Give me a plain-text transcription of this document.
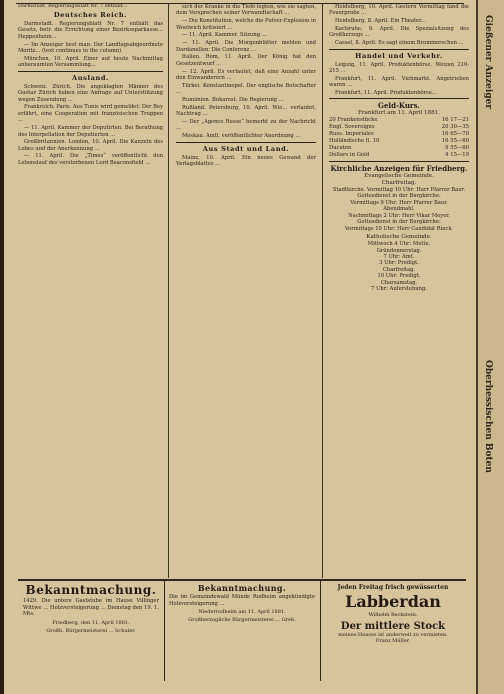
Darmstadt. Regierungsblatt Nr. 7 enthält...
Deutsches Reich.

Darmstadt. Regierungsblatt Nr. 7 enthält das Gesetz, betr. die Errichtung einer Bezirkssparkasse... Heppenheim...

— Im Anzeiger liest man: Der Landtagsabgeordnete Moritz... (text continues in the column)

München, 10. April. Einer auf heute Nachmittag anberaumten Versammlung...

Ausland.

Schweiz. Zürich. Die angeklagten Männer des Gustav Zürich haben eine Anfrage auf Unterstützung wegen Zusendung ...

Frankreich. Paris. Aus Tunis wird gemeldet: Der Bey erfährt, eine Cooperation mit französischen Truppen ...

— 11. April. Kammer der Deputirten. Bei Berathung des Interpellation der Deputierten ...

Großbritannien. London, 10. April. Die Kanzeln des Lobes und der Anerkennung ...

— 11. April. Die „Times“ veröffentlicht den Lebenslauf des verstorbenen Lord Beaconsfield ...

sich der Kranke in die Tiefe legten, wie sie sagten, dem Versprechen seiner Verwandtschaft ...

— Die Konstitution, welche die Pulver-Explosion in Woolwich kritisiert ...

— 11. April. Kammer. Sitzung ...

— 11. April. Die Morgenblätter melden und Dardanellen: Die Conferenz ...

Italien. Rom, 11. April. Der König hat den Gesetzentwurf ...

— 12. April. Es verlautet, daß eine Anzahl unter den Einwanderern ...

Türkei. Konstantinopel. Der englische Botschafter ...

Rumänien. Bukarest. Die Regierung ...

Rußland. Petersburg, 10. April. Wie... verlautet, Nachtrag ...

— Der „Agence Russe“ bemerkt zu der Nachricht ...

Moskau. Amtl. veröffentlichter Anordnung ...

Aus Stadt und Land.

Mainz, 10. April. Ein neues Gewand der Verlagsblattes ...

Heidelberg, 10. April. Gestern Vormittag fand die Feuerprobe ...

Heidelberg, 8. April. Ein Theater...

Karlsruhe, 9. April. Die Spezialsitzung des Großherzogs ...

Cassel, 8. April. Es sagt einem Brommerschen ...

Handel und Verkehr.

Leipzig, 11. April. Produktenbörse. Weizen 210-215 ...

Frankfurt, 11. April. Viehmarkt. Angetrieben waren ...

Frankfurt, 11. April. Produktenbörse...

Geld-Kurs.
Frankfurt am 11. April 1881.
20 Frankenstücke	16 17—21
Engl. Sovereigns	20 30—35
Russ. Imperiales	16 65—70
Holländische fl. 10	16 55—60
Ducaten	9 55—60
Dollars in Gold	4 15—19
Kirchliche Anzeigen für Friedberg.
Evangelische Gemeinde.
Charfreitag.
Stadtkirche. Vormittag 10 Uhr: Herr Pfarrer Baur.
Gottesdienst in der Burgkirche:
Vormittags 9 Uhr: Herr Pfarrer Baur.
Abendmahl.
Nachmittags 2 Uhr: Herr Vikar Meyer.
Gottesdienst in der Burgkirche:
Vormittags 10 Uhr: Herr Candidat Rieck.
Katholische Gemeinde.
Mittwoch 4 Uhr: Mette.
Gründonnerstag.
7 Uhr: Amt.
3 Uhr: Predigt.
Charfreitag.
10 Uhr: Predigt.
Charsamstag.
7 Uhr: Auferstehung.
Bekanntmachung.

1429. Die untere Gaststube im Hause Villinger Wittwe ... Holzversteigerung ... Dienstag den 19. 1. Mts.

Friedberg, den 11. April 1881.
Großh. Bürgermeisterei ... Schuler.
Bekanntmachung.

Die im Gemeindewald Münde Rodheim angekündigte Holzversteigerung ...

Niederrodheim am 11. April 1881.
Großherzogliche Bürgermeisterei ... Greb.
Jeden Freitag frisch gewässerten
Labberdan
Wilhelm Beckstein.
Der mittlere Stock
meines Hauses ist anderweit zu vermieten.
Franz Müller.
Gießener Anzeiger
Oberhessischen Boten
